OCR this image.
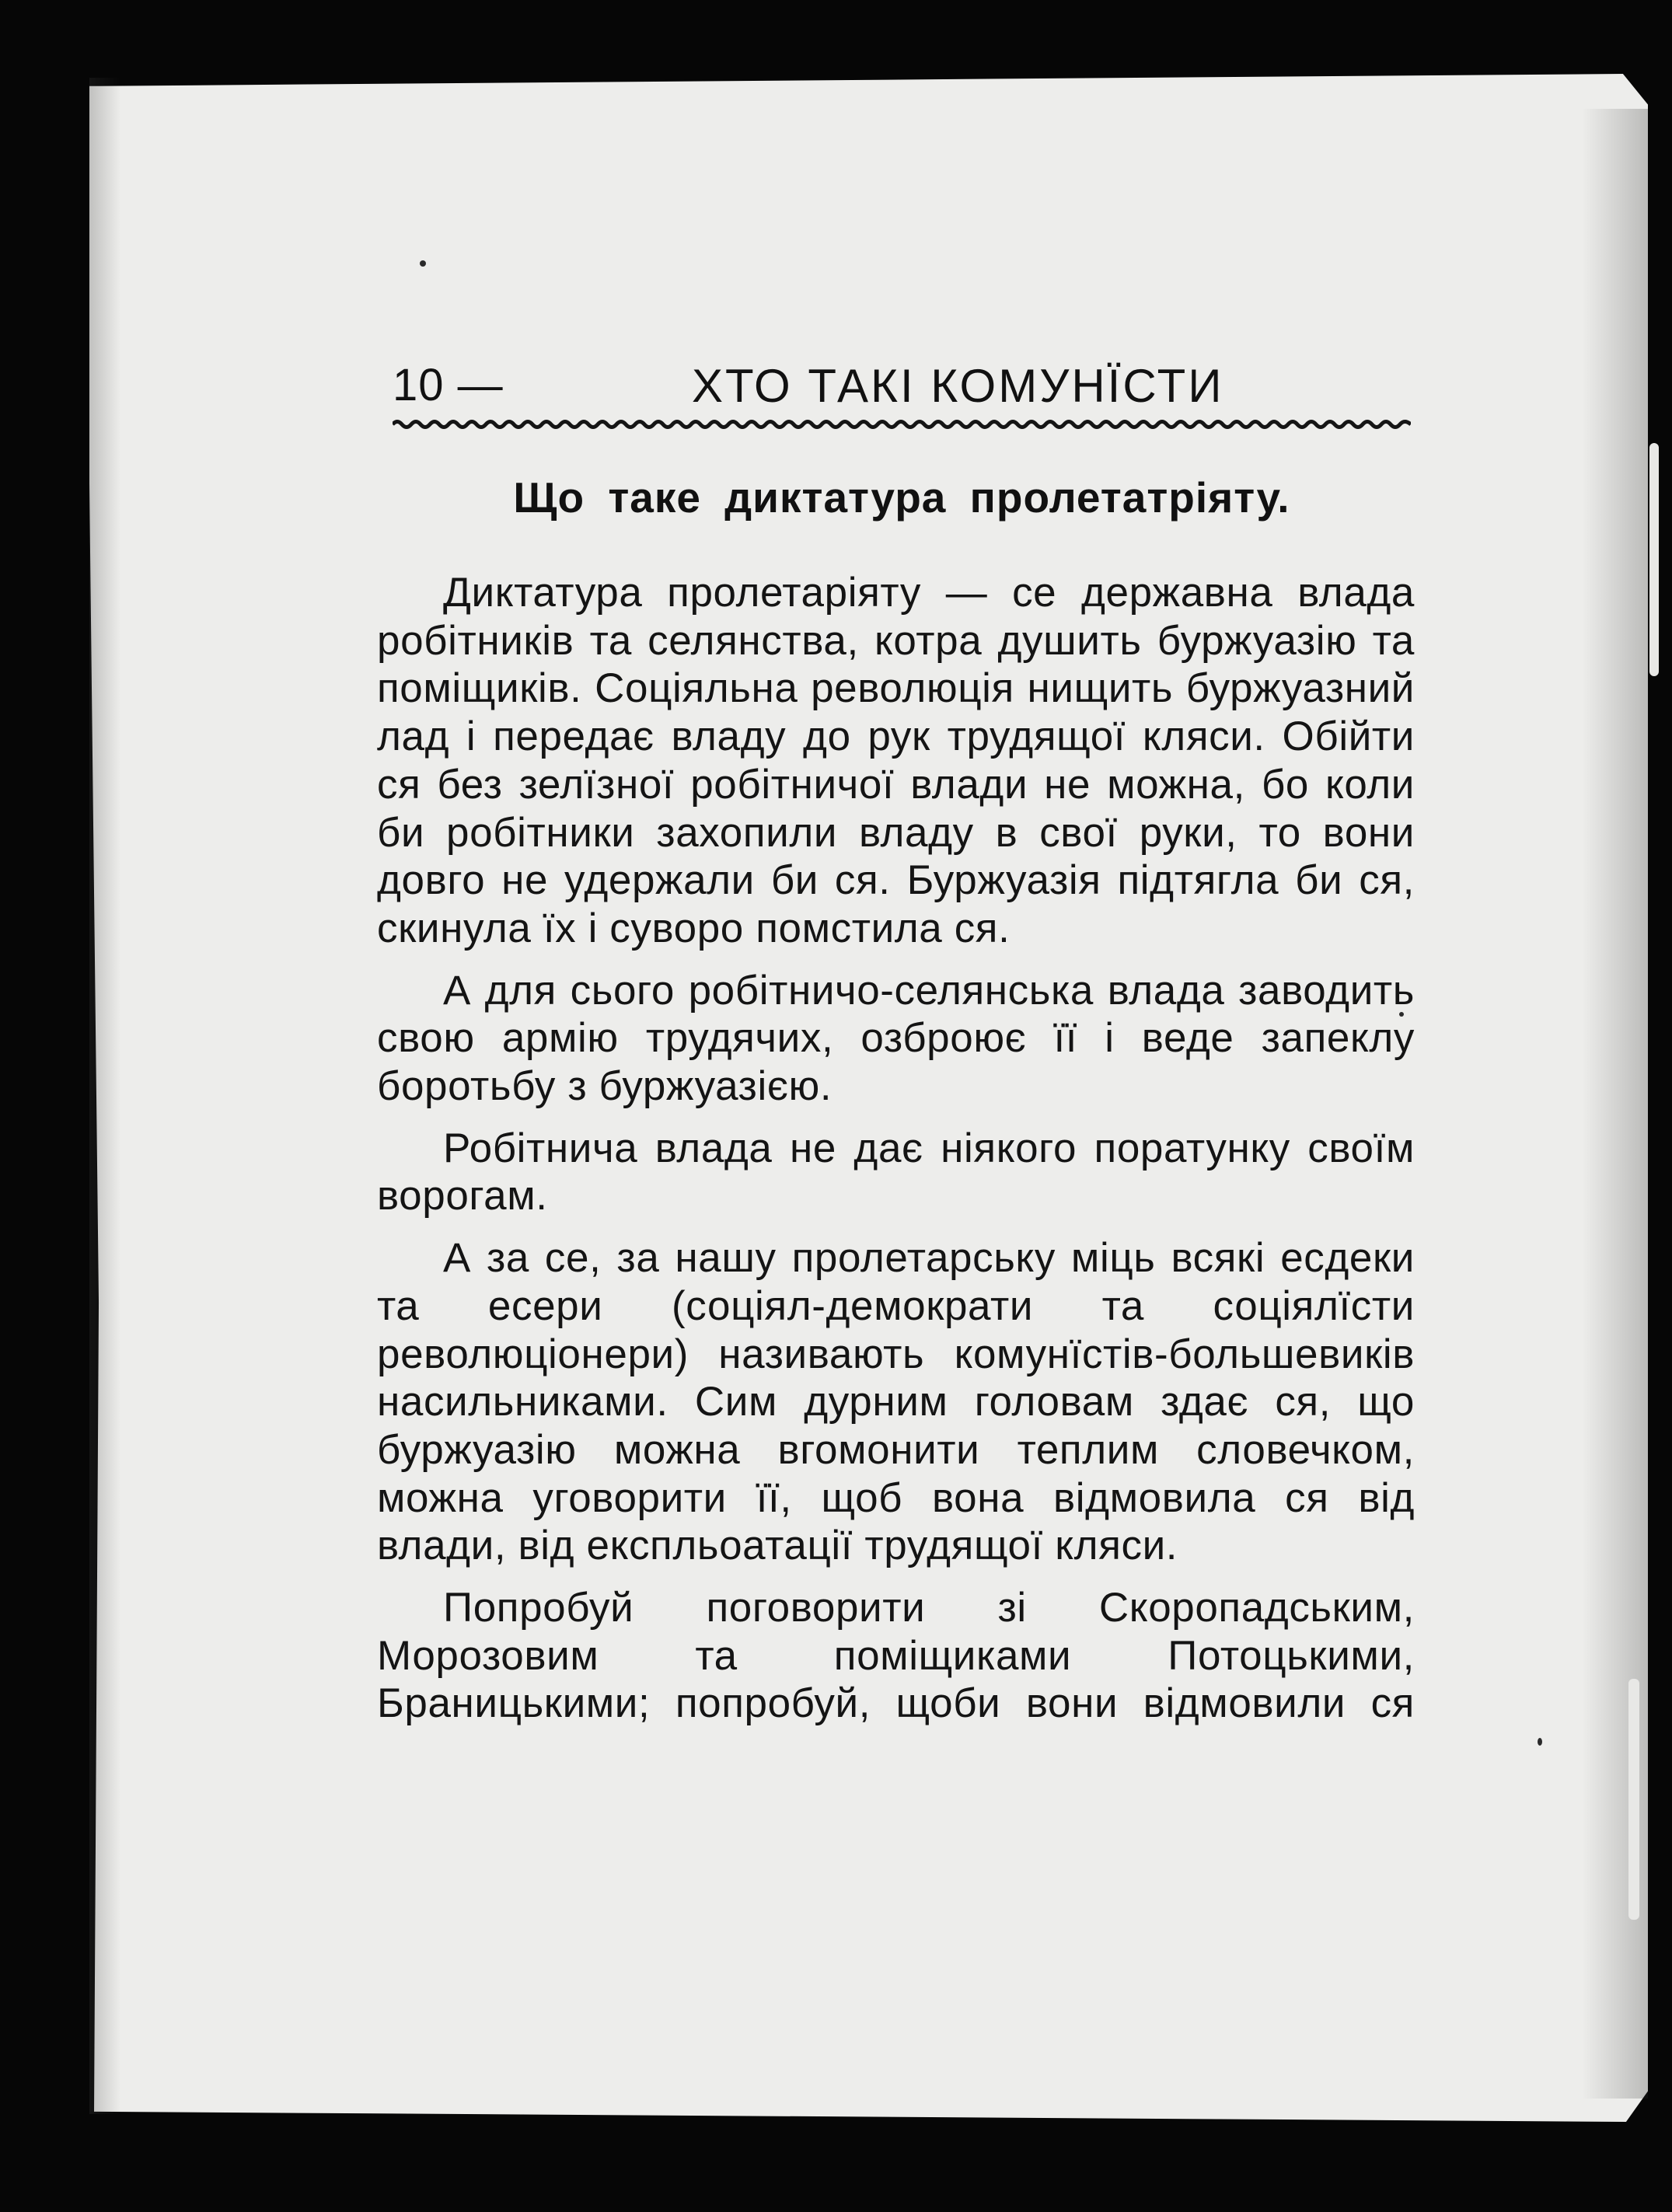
10 —	ХТО ТАКІ КОМУНЇСТИ
Що таке диктатура пролетатріяту.

Диктатура пролетаріяту — се державна влада робітників та селянства, котра душить буржуазію та поміщиків. Соціяльна революція нищить буржуазний лад і передає владу до рук трудящої кляси. Обійти ся без зелїзної робітничої влади не можна, бо коли би робітники захопили владу в свої руки, то вони довго не удержали би ся. Буржуазія підтягла би ся, скинула їх і суворо помстила ся.

А для сього робітничо-селянська влада заводить свою армію трудячих, озброює її і веде запеклу боротьбу з буржуазією.

Робітнича влада не дає ніякого поратунку своїм ворогам.

А за се, за нашу пролетарську міць всякі есдеки та есери (соціял-демократи та соціялїсти революціонери) називають комунїстів-большевиків насильниками. Сим дурним головам здає ся, що буржуазію можна вгомонити теплим словечком, можна уговорити її, щоб вона відмовила ся від влади, від експльоатації трудящої кляси.

Попробуй поговорити зі Скоропадським, Морозовим та поміщиками Потоцькими, Браницькими; попробуй, щоби вони відмовили ся
